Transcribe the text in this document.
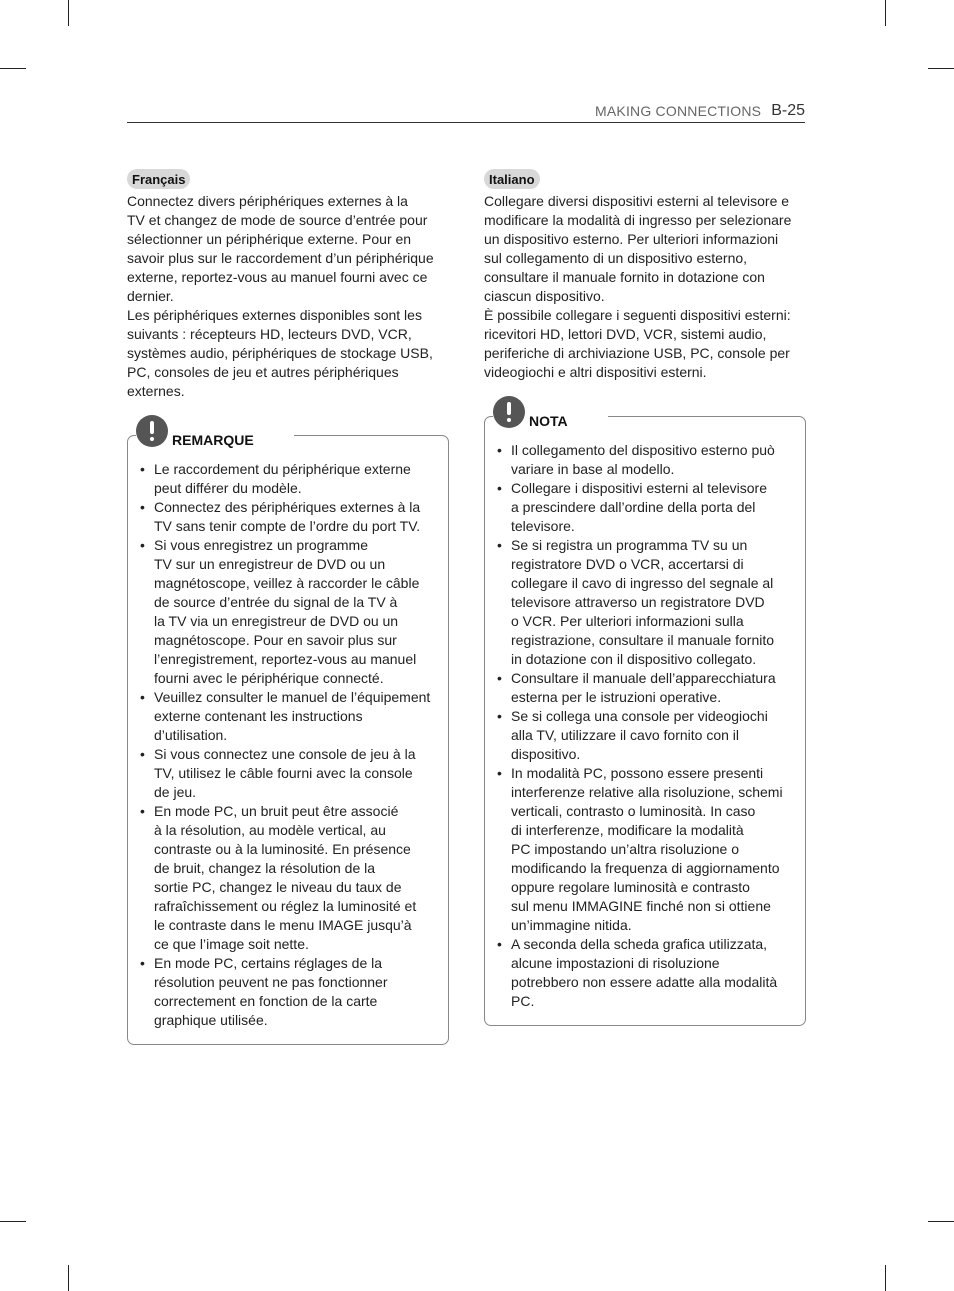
MAKING CONNECTIONS B-25
Français

Connectez divers périphériques externes à la
TV et changez de mode de source d’entrée pour
sélectionner un périphérique externe. Pour en
savoir plus sur le raccordement d’un périphérique
externe, reportez-vous au manuel fourni avec ce
dernier.

Les périphériques externes disponibles sont les
suivants : récepteurs HD, lecteurs DVD, VCR,
systèmes audio, périphériques de stockage USB,
PC, consoles de jeu et autres périphériques
externes.

REMARQUE
• Le raccordement du périphérique externe
peut différer du modèle.
• Connectez des périphériques externes à la
TV sans tenir compte de l’ordre du port TV.
• Si vous enregistrez un programme
TV sur un enregistreur de DVD ou un
magnétoscope, veillez à raccorder le câble
de source d’entrée du signal de la TV à
la TV via un enregistreur de DVD ou un
magnétoscope. Pour en savoir plus sur
l’enregistrement, reportez-vous au manuel
fourni avec le périphérique connecté.
• Veuillez consulter le manuel de l’équipement
externe contenant les instructions
d’utilisation.
• Si vous connectez une console de jeu à la
TV, utilisez le câble fourni avec la console
de jeu.
• En mode PC, un bruit peut être associé
à la résolution, au modèle vertical, au
contraste ou à la luminosité. En présence
de bruit, changez la résolution de la
sortie PC, changez le niveau du taux de
rafraîchissement ou réglez la luminosité et
le contraste dans le menu IMAGE jusqu’à
ce que l’image soit nette.
• En mode PC, certains réglages de la
résolution peuvent ne pas fonctionner
correctement en fonction de la carte
graphique utilisée.
Italiano

Collegare diversi dispositivi esterni al televisore e
modificare la modalità di ingresso per selezionare
un dispositivo esterno. Per ulteriori informazioni
sul collegamento di un dispositivo esterno,
consultare il manuale fornito in dotazione con
ciascun dispositivo.

È possibile collegare i seguenti dispositivi esterni:
ricevitori HD, lettori DVD, VCR, sistemi audio,
periferiche di archiviazione USB, PC, console per
videogiochi e altri dispositivi esterni.

NOTA
• Il collegamento del dispositivo esterno può
variare in base al modello.
• Collegare i dispositivi esterni al televisore
a prescindere dall’ordine della porta del
televisore.
• Se si registra un programma TV su un
registratore DVD o VCR, accertarsi di
collegare il cavo di ingresso del segnale al
televisore attraverso un registratore DVD
o VCR. Per ulteriori informazioni sulla
registrazione, consultare il manuale fornito
in dotazione con il dispositivo collegato.
• Consultare il manuale dell’apparecchiatura
esterna per le istruzioni operative.
• Se si collega una console per videogiochi
alla TV, utilizzare il cavo fornito con il
dispositivo.
• In modalità PC, possono essere presenti
interferenze relative alla risoluzione, schemi
verticali, contrasto o luminosità. In caso
di interferenze, modificare la modalità
PC impostando un’altra risoluzione o
modificando la frequenza di aggiornamento
oppure regolare luminosità e contrasto
sul menu IMMAGINE finché non si ottiene
un’immagine nitida.
• A seconda della scheda grafica utilizzata,
alcune impostazioni di risoluzione
potrebbero non essere adatte alla modalità
PC.
